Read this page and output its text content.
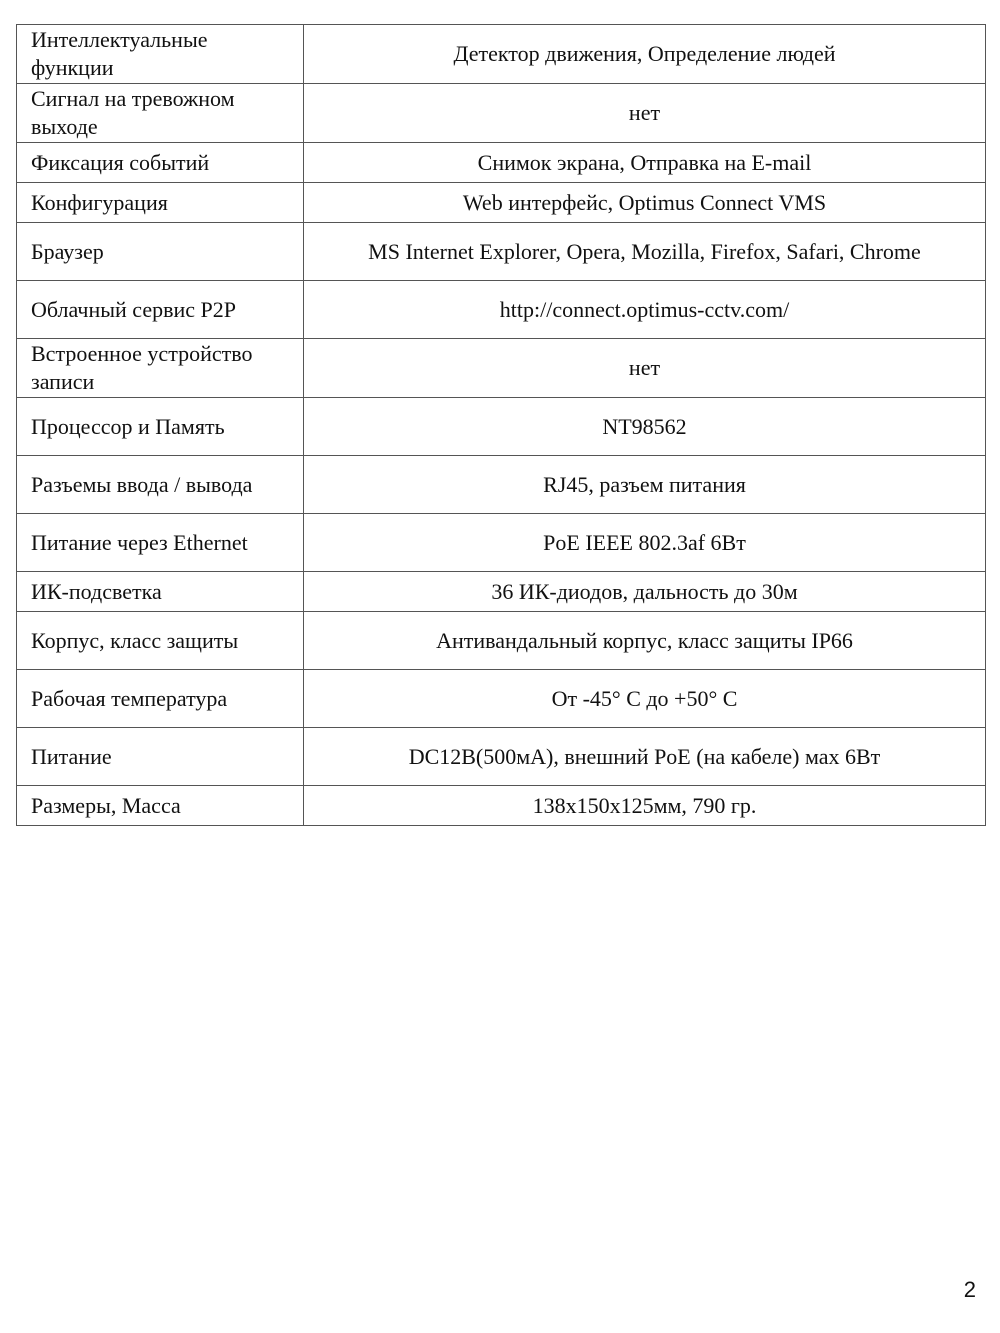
Интеллектуальные функции	Детектор движения, Определение людей
Сигнал на тревожном выходе	нет
Фиксация событий	Снимок экрана, Отправка на E-mail
Конфигурация	Web интерфейс, Optimus Connect VMS
Браузер	MS Internet Explorer, Opera, Mozilla, Firefox, Safari, Chrome
Облачный сервис P2P	http://connect.optimus-cctv.com/
Встроенное устройство записи	нет
Процессор и Память	NT98562
Разъемы ввода / вывода	RJ45, разъем питания
Питание через Ethernet	PoE IEEE 802.3af 6Вт
ИК-подсветка	36 ИК-диодов, дальность до 30м
Корпус, класс защиты	Антивандальный корпус, класс защиты IP66
Рабочая температура	От -45° С до +50° С
Питание	DC12В(500мА), внешний PoE (на кабеле) мах 6Вт
Размеры, Масса	138х150х125мм, 790 гр.
2
